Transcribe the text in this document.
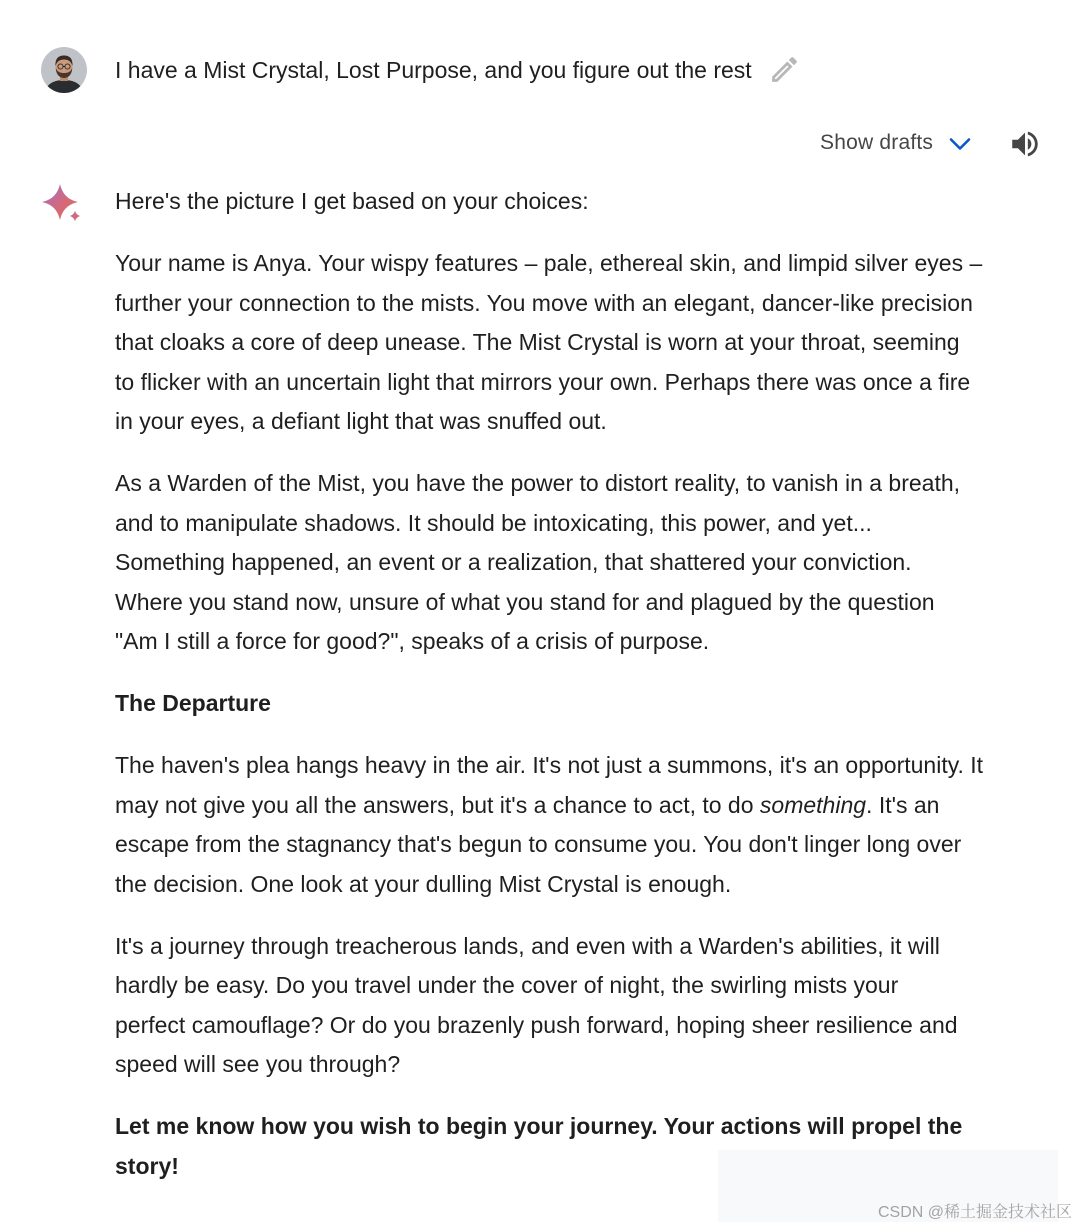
I have a Mist Crystal, Lost Purpose, and you figure out the rest
Show drafts
Here's the picture I get based on your choices:
Your name is Anya. Your wispy features – pale, ethereal skin, and limpid silver eyes –
further your connection to the mists. You move with an elegant, dancer-like precision
that cloaks a core of deep unease. The Mist Crystal is worn at your throat, seeming
to flicker with an uncertain light that mirrors your own. Perhaps there was once a fire
in your eyes, a defiant light that was snuffed out.
As a Warden of the Mist, you have the power to distort reality, to vanish in a breath,
and to manipulate shadows. It should be intoxicating, this power, and yet...
Something happened, an event or a realization, that shattered your conviction.
Where you stand now, unsure of what you stand for and plagued by the question
"Am I still a force for good?", speaks of a crisis of purpose.
The Departure
The haven's plea hangs heavy in the air. It's not just a summons, it's an opportunity. It
may not give you all the answers, but it's a chance to act, to do something. It's an
escape from the stagnancy that's begun to consume you. You don't linger long over
the decision. One look at your dulling Mist Crystal is enough.
It's a journey through treacherous lands, and even with a Warden's abilities, it will
hardly be easy. Do you travel under the cover of night, the swirling mists your
perfect camouflage? Or do you brazenly push forward, hoping sheer resilience and
speed will see you through?
Let me know how you wish to begin your journey. Your actions will propel the
story!
CSDN @稀土掘金技术社区
